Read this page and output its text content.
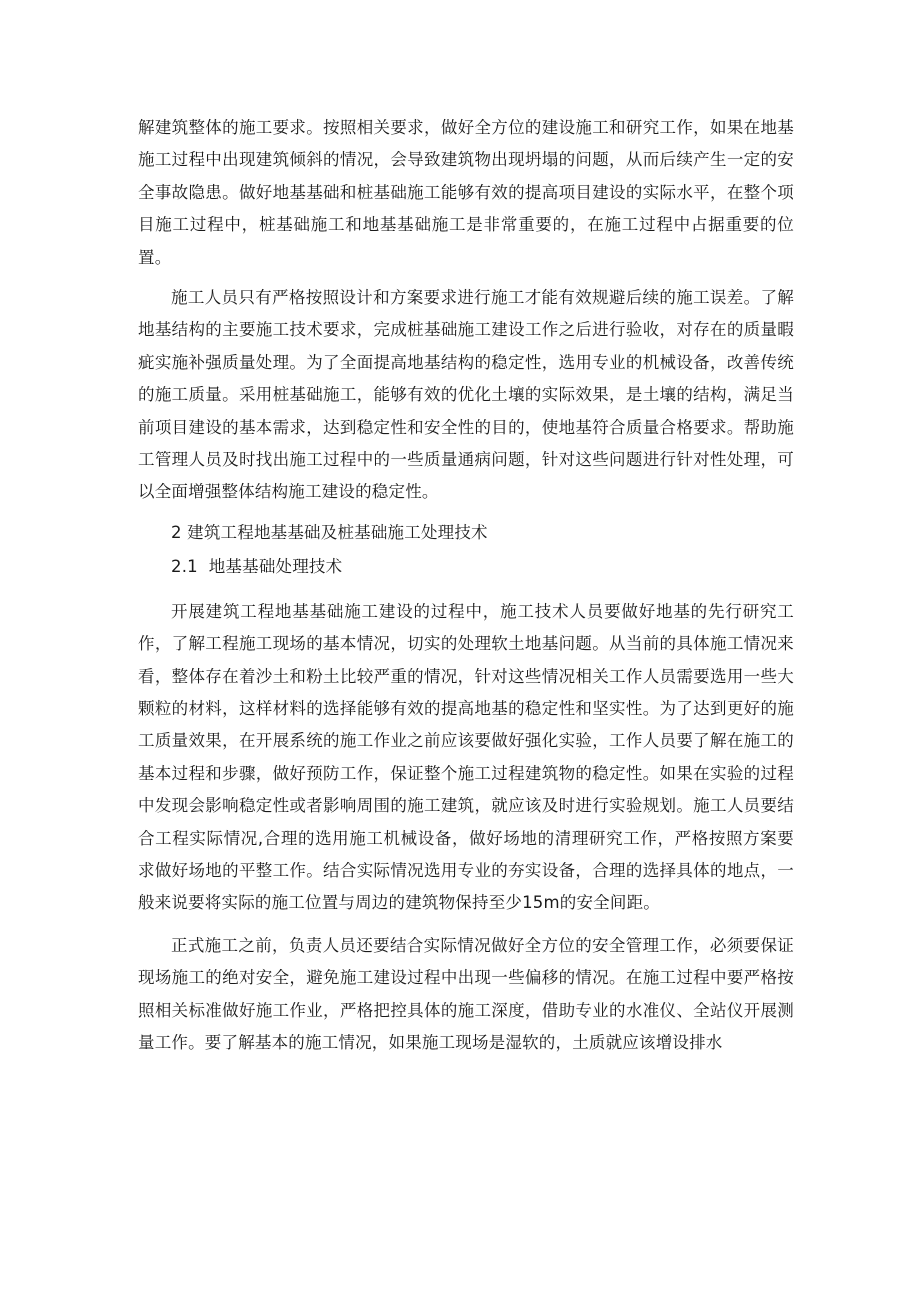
解建筑整体的施工要求。按照相关要求，做好全方位的建设施工和研究工作，如果在地基施工过程中出现建筑倾斜的情况，会导致建筑物出现坍塌的问题，从而后续产生一定的安全事故隐患。做好地基基础和桩基础施工能够有效的提高项目建设的实际水平，在整个项目施工过程中，桩基础施工和地基基础施工是非常重要的，在施工过程中占据重要的位置。

施工人员只有严格按照设计和方案要求进行施工才能有效规避后续的施工误差。了解地基结构的主要施工技术要求，完成桩基础施工建设工作之后进行验收，对存在的质量暇疵实施补强质量处理。为了全面提高地基结构的稳定性，选用专业的机械设备，改善传统的施工质量。采用桩基础施工，能够有效的优化土壤的实际效果，是土壤的结构，满足当前项目建设的基本需求，达到稳定性和安全性的目的，使地基符合质量合格要求。帮助施工管理人员及时找出施工过程中的一些质量通病问题，针对这些问题进行针对性处理，可以全面增强整体结构施工建设的稳定性。

2 建筑工程地基基础及桩基础施工处理技术

2.1  地基基础处理技术

开展建筑工程地基基础施工建设的过程中，施工技术人员要做好地基的先行研究工作，了解工程施工现场的基本情况，切实的处理软土地基问题。从当前的具体施工情况来看，整体存在着沙土和粉土比较严重的情况，针对这些情况相关工作人员需要选用一些大颗粒的材料，这样材料的选择能够有效的提高地基的稳定性和坚实性。为了达到更好的施工质量效果，在开展系统的施工作业之前应该要做好强化实验，工作人员要了解在施工的基本过程和步骤，做好预防工作，保证整个施工过程建筑物的稳定性。如果在实验的过程中发现会影响稳定性或者影响周围的施工建筑，就应该及时进行实验规划。施工人员要结合工程实际情况,合理的选用施工机械设备，做好场地的清理研究工作，严格按照方案要求做好场地的平整工作。结合实际情况选用专业的夯实设备，合理的选择具体的地点，一般来说要将实际的施工位置与周边的建筑物保持至少15m的安全间距。

正式施工之前，负责人员还要结合实际情况做好全方位的安全管理工作，必须要保证现场施工的绝对安全，避免施工建设过程中出现一些偏移的情况。在施工过程中要严格按照相关标准做好施工作业，严格把控具体的施工深度，借助专业的水准仪、全站仪开展测量工作。要了解基本的施工情况，如果施工现场是湿软的，土质就应该增设排水
